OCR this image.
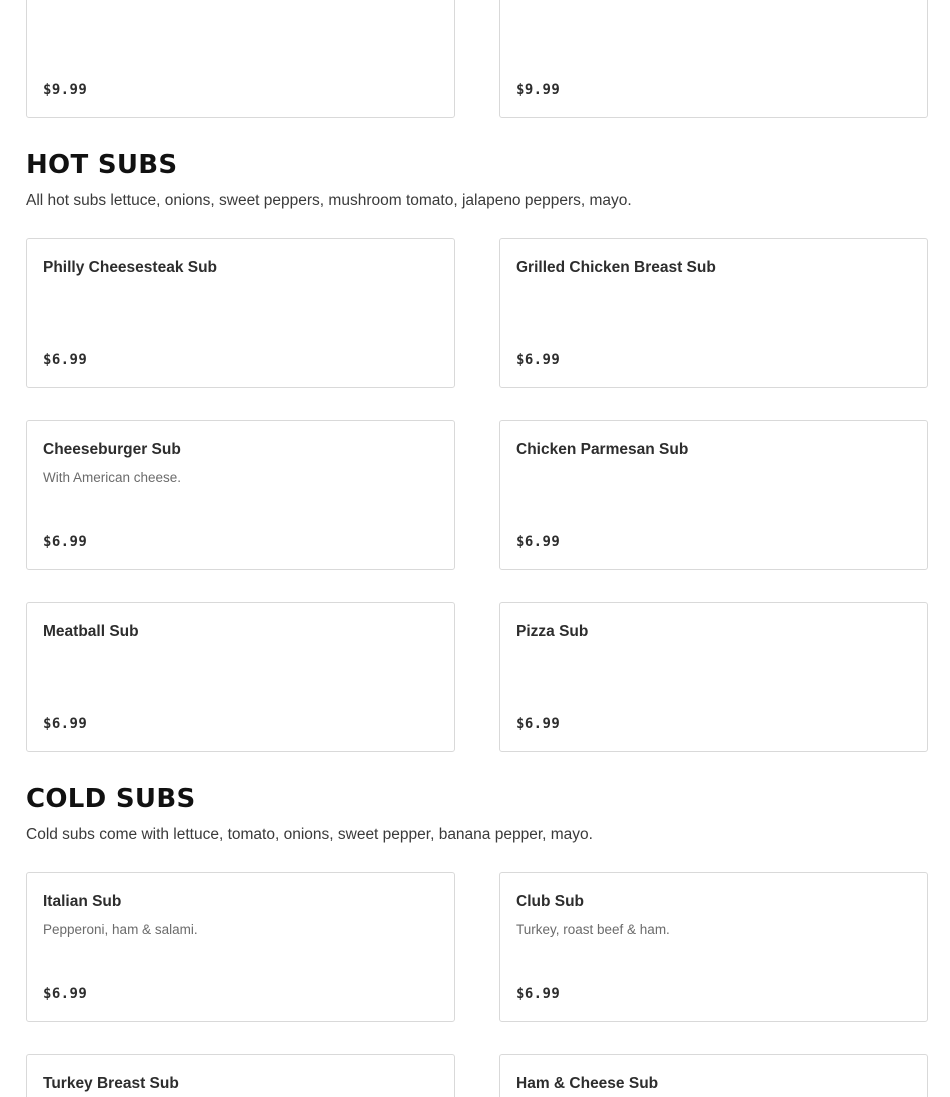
$9.99	$9.99
HOT SUBS

All hot subs lettuce, onions, sweet peppers, mushroom tomato, jalapeno peppers, mayo.

Philly Cheesesteak Sub
$6.99
Grilled Chicken Breast Sub
$6.99
Cheeseburger Sub
With American cheese.
$6.99
Chicken Parmesan Sub
$6.99
Meatball Sub
$6.99
Pizza Sub
$6.99
COLD SUBS

Cold subs come with lettuce, tomato, onions, sweet pepper, banana pepper, mayo.

Italian Sub
Pepperoni, ham & salami.
$6.99
Club Sub
Turkey, roast beef & ham.
$6.99
Turkey Breast Sub	Ham & Cheese Sub
